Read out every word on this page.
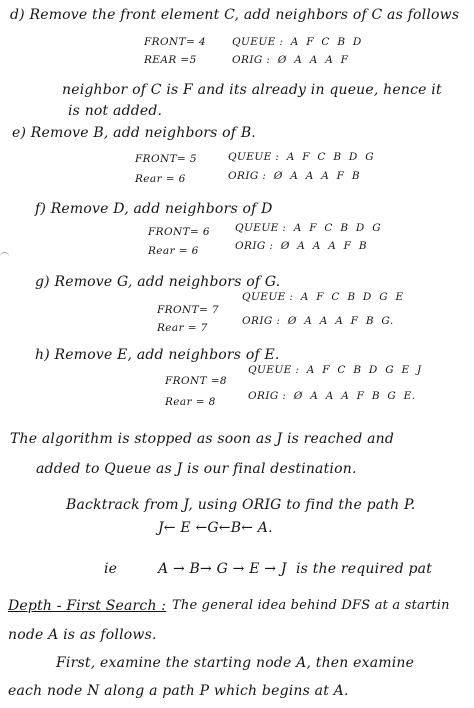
d) Remove the front element C, add neighbors of C as follows
FRONT= 4 QUEUE :  A  F  C  B  D
REAR =5	ORIG :  Ø  A  A  A  F
neighbor of C is F and its already in queue, hence it
is not added.
e) Remove B, add neighbors of B.
FRONT= 5	QUEUE :  A  F  C  B  D  G
Rear = 6	ORIG :  Ø  A  A  A  F  B
f) Remove D, add neighbors of D
FRONT= 6 QUEUE :  A  F  C  B  D  G
Rear = 6	ORIG :  Ø  A  A  A  F  B
g) Remove G, add neighbors of G.
FRONT= 7
QUEUE :  A  F  C  B  D  G  E
Rear = 7
ORIG :  Ø  A  A  A  F  B  G.
h) Remove E, add neighbors of E.
FRONT =8
QUEUE :  A  F  C  B  D  G  E  J
Rear = 8	ORIG :  Ø  A  A  A  F  B  G  E.
The algorithm is stopped as soon as J is reached and
added to Queue as J is our final destination.
Backtrack from J, using ORIG to find the path P.
J← E ←G←B← A.
ie	A → B→ G → E → J  is the required pat
Depth - First Search : The general idea behind DFS at a startin
node A is as follows.
First, examine the starting node A, then examine
each node N along a path P which begins at A.
